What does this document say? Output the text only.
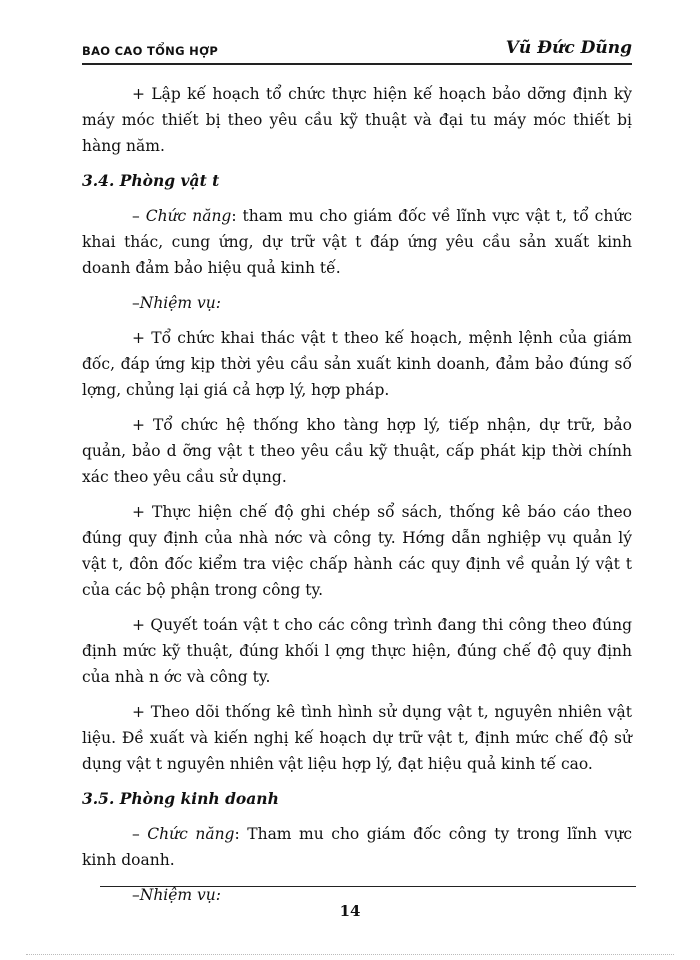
BAO CAO TỔNG HỢP	Vũ Đức Dũng

+ Lập kế hoạch tổ chức thực hiện kế hoạch bảo dỡng định kỳ máy móc thiết bị theo yêu cầu kỹ thuật và đại tu máy móc thiết bị hàng năm.

3.4. Phòng vật t

– Chức năng: tham mu cho giám đốc về lĩnh vực vật t, tổ chức khai thác, cung ứng, dự trữ vật t đáp ứng yêu cầu sản xuất kinh doanh đảm bảo hiệu quả kinh tế.

–Nhiệm vụ:

+ Tổ chức khai thác vật t theo kế hoạch, mệnh lệnh của giám đốc, đáp ứng kịp thời yêu cầu sản xuất kinh doanh, đảm bảo đúng số lợng, chủng lại giá cả hợp lý, hợp pháp.

+ Tổ chức hệ thống kho tàng hợp lý, tiếp nhận, dự trữ, bảo quản, bảo d ỡng vật t theo yêu cầu kỹ thuật, cấp phát kịp thời chính xác theo yêu cầu sử dụng.

+ Thực hiện chế độ ghi chép sổ sách, thống kê báo cáo theo đúng quy định của nhà nớc và công ty. Hớng dẫn nghiệp vụ quản lý vật t, đôn đốc kiểm tra việc chấp hành các quy định về quản lý vật t của các bộ phận trong công ty.

+ Quyết toán vật t cho các công trình đang thi công theo đúng định mức kỹ thuật, đúng khối l ợng thực hiện, đúng chế độ quy định của nhà n ớc và công ty.

+ Theo dõi thống kê tình hình sử dụng vật t, nguyên nhiên vật liệu. Đề xuất và kiến nghị kế hoạch dự trữ vật t, định mức chế độ sử dụng vật t nguyên nhiên vật liệu hợp lý, đạt hiệu quả kinh tế cao.

3.5. Phòng kinh doanh

– Chức năng: Tham mu cho giám đốc công ty trong lĩnh vực kinh doanh.

–Nhiệm vụ:

14
